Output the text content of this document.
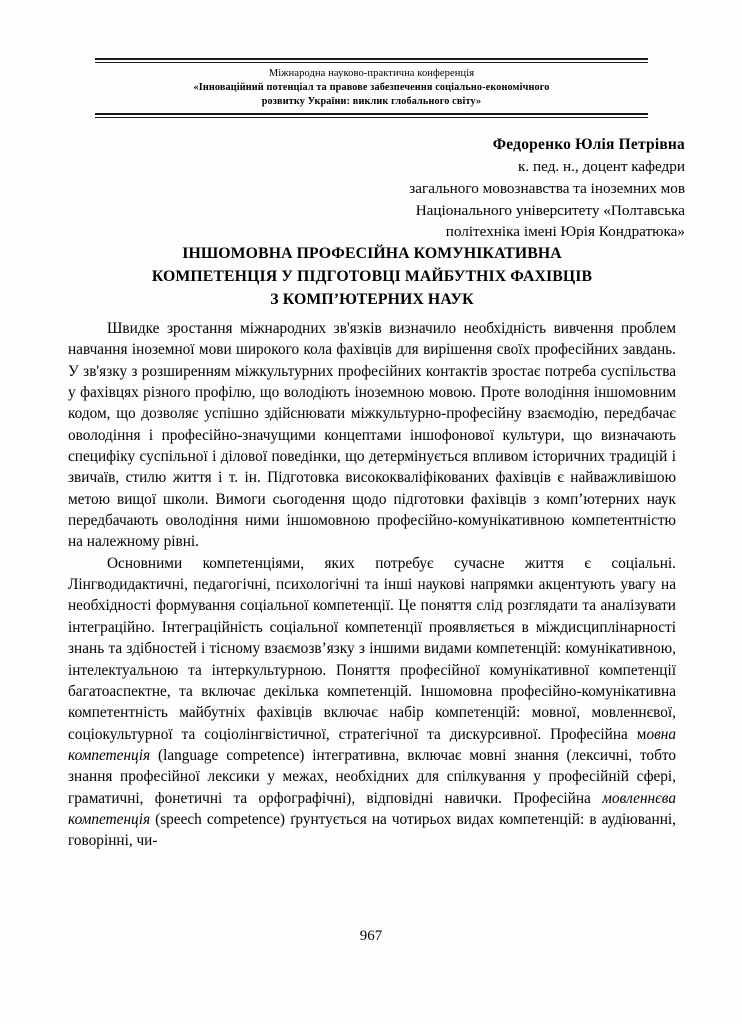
Міжнародна науково-практична конференція
«Інноваційний потенціал та правове забезпечення соціально-економічного
розвитку України: виклик глобального світу»
Федоренко Юлія Петрівна
к. пед. н., доцент кафедри
загального мовознавства та іноземних мов
Національного університету «Полтавська
політехніка імені Юрія Кондратюка»
ІНШОМОВНА ПРОФЕСІЙНА КОМУНІКАТИВНА
КОМПЕТЕНЦІЯ У ПІДГОТОВЦІ МАЙБУТНІХ ФАХІВЦІВ
З КОМП’ЮТЕРНИХ НАУК

Швидке зростання міжнародних зв'язків визначило необхідність вивчення проблем навчання іноземної мови широкого кола фахівців для вирішення своїх професійних завдань. У зв'язку з розширенням міжкультурних професійних контактів зростає потреба суспільства у фахівцях різного профілю, що володіють іноземною мовою. Проте володіння іншомовним кодом, що дозволяє успішно здійснювати міжкультурно-професійну взаємодію, передбачає оволодіння і професійно-значущими концептами іншофонової культури, що визначають специфіку суспільної і ділової поведінки, що детермінується впливом історичних традицій і звичаїв, стилю життя і т. ін. Підготовка висококваліфікованих фахівців є найважливішою метою вищої школи. Вимоги сьогодення щодо підготовки фахівців з комп’ютерних наук передбачають оволодіння ними іншомовною професійно-комунікативною компетентністю на належному рівні.

Основними компетенціями, яких потребує сучасне життя є соціальні. Лінгводидактичні, педагогічні, психологічні та інші наукові напрямки акцентують увагу на необхідності формування соціальної компетенції. Це поняття слід розглядати та аналізувати інтеграційно. Інтеграційність соціальної компетенції проявляється в міждисциплінарності знань та здібностей і тісному взаємозв’язку з іншими видами компетенцій: комунікативною, інтелектуальною та інтеркультурною. Поняття професійної комунікативної компетенції багатоаспектне, та включає декілька компетенцій. Іншомовна професійно-комунікативна компетентність майбутніх фахівців включає набір компетенцій: мовної, мовленнєвої, соціокультурної та соціолінгвістичної, стратегічної та дискурсивної. Професійна мовна компетенція (language competence) інтегративна, включає мовні знання (лексичні, тобто знання професійної лексики у межах, необхідних для спілкування у професійній сфері, граматичні, фонетичні та орфографічні), відповідні навички. Професійна мовленнєва компетенція (speech competence) ґрунтується на чотирьох видах компетенцій: в аудіюванні, говорінні, чи-

967
